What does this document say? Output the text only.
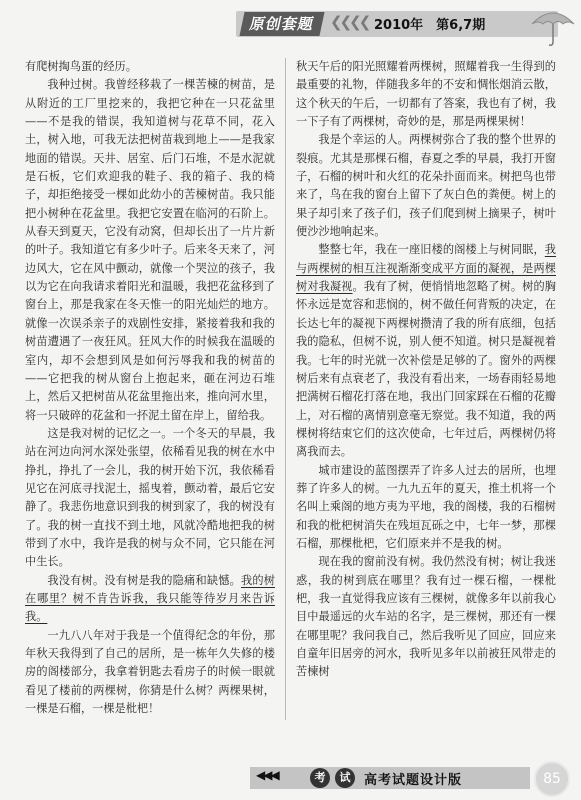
原创套题 ❮❮❮❮ 2010年　第6,7期

有爬树掏鸟蛋的经历。

我种过树。我曾经移栽了一棵苦楝的树苗，是从附近的工厂里挖来的，我把它种在一只花盆里——不是我的错误，我知道树与花草不同，花入土，树入地，可我无法把树苗栽到地上——是我家地面的错误。天井、居室、后门石堆，不是水泥就是石板，它们欢迎我的鞋子、我的箱子、我的椅子，却拒绝接受一棵如此幼小的苦楝树苗。我只能把小树种在花盆里。我把它安置在临河的石阶上。从春天到夏天，它没有动窝，但却长出了一片片新的叶子。我知道它有多少叶子。后来冬天来了，河边风大，它在风中颤动，就像一个哭泣的孩子，我以为它在向我请求着阳光和温暖，我把花盆移到了窗台上，那是我家在冬天惟一的阳光灿烂的地方。就像一次误杀亲子的戏剧性安排，紧接着我和我的树苗遭遇了一夜狂风。狂风大作的时候我在温暖的室内，却不会想到风是如何污辱我和我的树苗的——它把我的树从窗台上抱起来，砸在河边石堆上，然后又把树苗从花盆里拖出来，推向河水里，将一只破碎的花盆和一抔泥土留在岸上，留给我。

这是我对树的记忆之一。一个冬天的早晨，我站在河边向河水深处张望，依稀看见我的树在水中挣扎，挣扎了一会儿，我的树开始下沉，我依稀看见它在河底寻找泥土，摇曳着，颤动着，最后它安静了。我悲伤地意识到我的树到家了，我的树没有了。我的树一直找不到土地，风就冷酷地把我的树带到了水中，我许是我的树与众不同，它只能在河中生长。

我没有树。没有树是我的隐痛和缺憾。我的树在哪里？树不肯告诉我，我只能等待岁月来告诉我。

一九八八年对于我是一个值得纪念的年份，那年秋天我得到了自己的居所，是一栋年久失修的楼房的阁楼部分，我拿着钥匙去看房子的时候一眼就看见了楼前的两棵树，你猜是什么树？两棵果树，一棵是石榴，一棵是枇杷！

秋天午后的阳光照耀着两棵树，照耀着我一生得到的最重要的礼物，伴随我多年的不安和惆怅烟消云散，这个秋天的午后，一切都有了答案，我也有了树，我一下子有了两棵树，奇妙的是，那是两棵果树！

我是个幸运的人。两棵树弥合了我的整个世界的裂痕。尤其是那棵石榴，春夏之季的早晨，我打开窗子，石榴的树叶和火红的花朵扑面而来。树把鸟也带来了，鸟在我的窗台上留下了灰白色的粪便。树上的果子却引来了孩子们，孩子们爬到树上摘果子，树叶便沙沙地响起来。

整整七年，我在一座旧楼的阁楼上与树同眠，我与两棵树的相互注视渐渐变成平方面的凝视，是两棵树对我凝视。我有了树，便悄悄地忽略了树。树的胸怀永远是宽容和悲悯的，树不做任何背叛的决定，在长达七年的凝视下两棵树攒清了我的所有底细，包括我的隐私，但树不说，别人便不知道。树只是凝视着我。七年的时光就一次补偿是足够的了。窗外的两棵树后来有点衰老了，我没有看出来，一场春雨轻易地把满树石榴花打落在地，我出门回家踩在石榴的花瓣上，对石榴的离情别意毫无察觉。我不知道，我的两棵树将结束它们的这次使命，七年过后，两棵树仍将离我而去。

城市建设的蓝图摆弄了许多人过去的居所，也埋葬了许多人的树。一九九五年的夏天，推土机将一个名叫上乘阁的地方夷为平地，我的阁楼，我的石榴树和我的枇杷树消失在残垣瓦砾之中，七年一梦，那棵石榴，那棵枇杷，它们原来并不是我的树。

现在我的窗前没有树。我仍然没有树；树让我迷惑，我的树到底在哪里？我有过一棵石榴，一棵枇杷，我一直觉得我应该有三棵树，就像多年以前我心目中最遥远的火车站的名字，是三棵树，那还有一棵在哪里呢？我问我自己，然后我听见了回应，回应来自童年旧居旁的河水，我听见多年以前被狂风带走的苦楝树

◀◀◀	考	试	高考试题设计版	85
